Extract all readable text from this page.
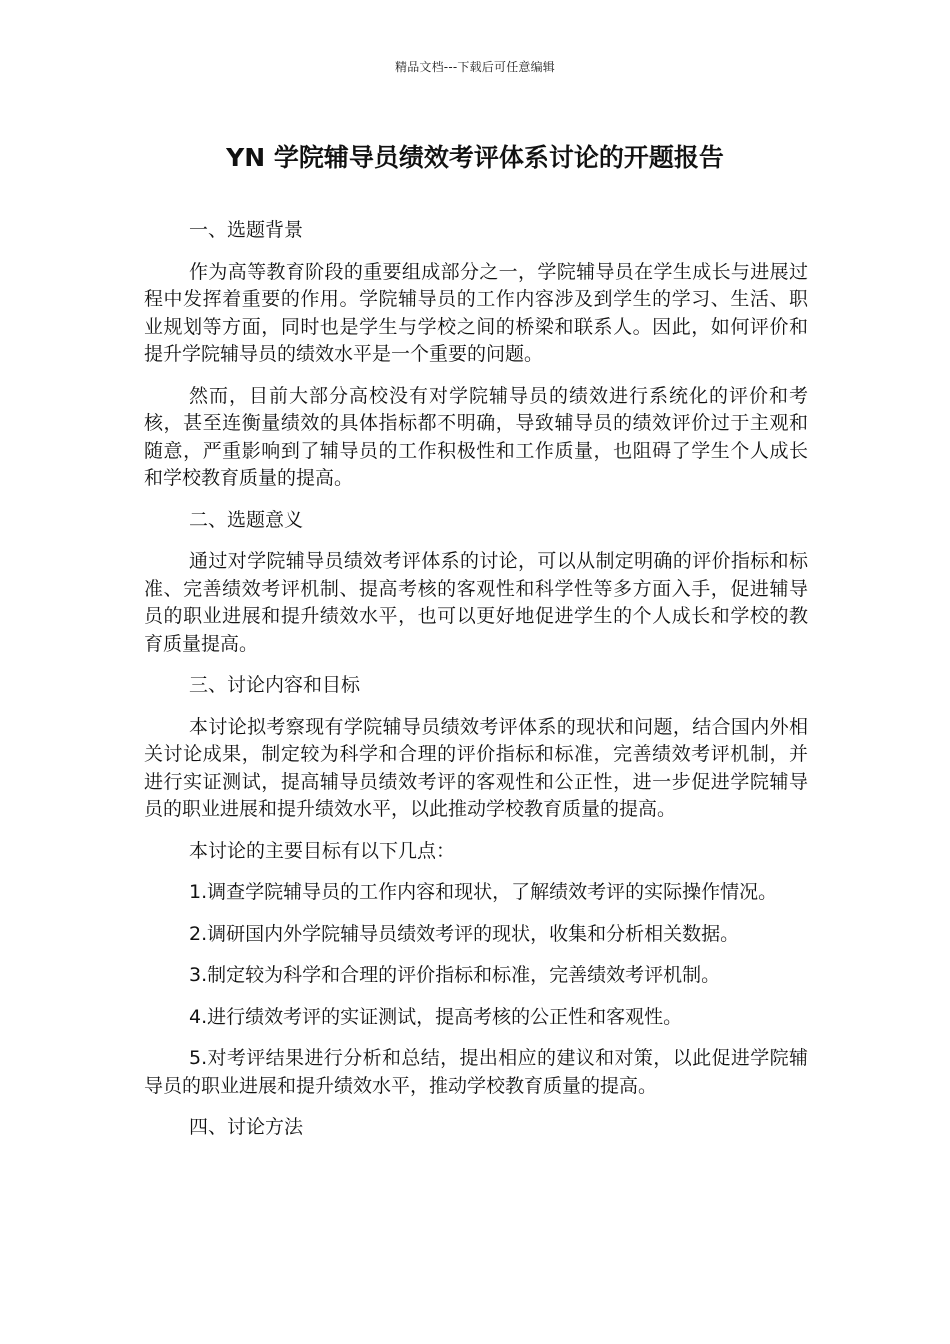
精品文档---下载后可任意编辑
YN 学院辅导员绩效考评体系讨论的开题报告

一、选题背景

作为高等教育阶段的重要组成部分之一，学院辅导员在学生成长与进展过程中发挥着重要的作用。学院辅导员的工作内容涉及到学生的学习、生活、职业规划等方面，同时也是学生与学校之间的桥梁和联系人。因此，如何评价和提升学院辅导员的绩效水平是一个重要的问题。

然而，目前大部分高校没有对学院辅导员的绩效进行系统化的评价和考核，甚至连衡量绩效的具体指标都不明确，导致辅导员的绩效评价过于主观和随意，严重影响到了辅导员的工作积极性和工作质量，也阻碍了学生个人成长和学校教育质量的提高。

二、选题意义

通过对学院辅导员绩效考评体系的讨论，可以从制定明确的评价指标和标准、完善绩效考评机制、提高考核的客观性和科学性等多方面入手，促进辅导员的职业进展和提升绩效水平，也可以更好地促进学生的个人成长和学校的教育质量提高。

三、讨论内容和目标

本讨论拟考察现有学院辅导员绩效考评体系的现状和问题，结合国内外相关讨论成果，制定较为科学和合理的评价指标和标准，完善绩效考评机制，并进行实证测试，提高辅导员绩效考评的客观性和公正性，进一步促进学院辅导员的职业进展和提升绩效水平，以此推动学校教育质量的提高。

本讨论的主要目标有以下几点：

1.调查学院辅导员的工作内容和现状，了解绩效考评的实际操作情况。

2.调研国内外学院辅导员绩效考评的现状，收集和分析相关数据。

3.制定较为科学和合理的评价指标和标准，完善绩效考评机制。

4.进行绩效考评的实证测试，提高考核的公正性和客观性。

5.对考评结果进行分析和总结，提出相应的建议和对策，以此促进学院辅导员的职业进展和提升绩效水平，推动学校教育质量的提高。

四、讨论方法
